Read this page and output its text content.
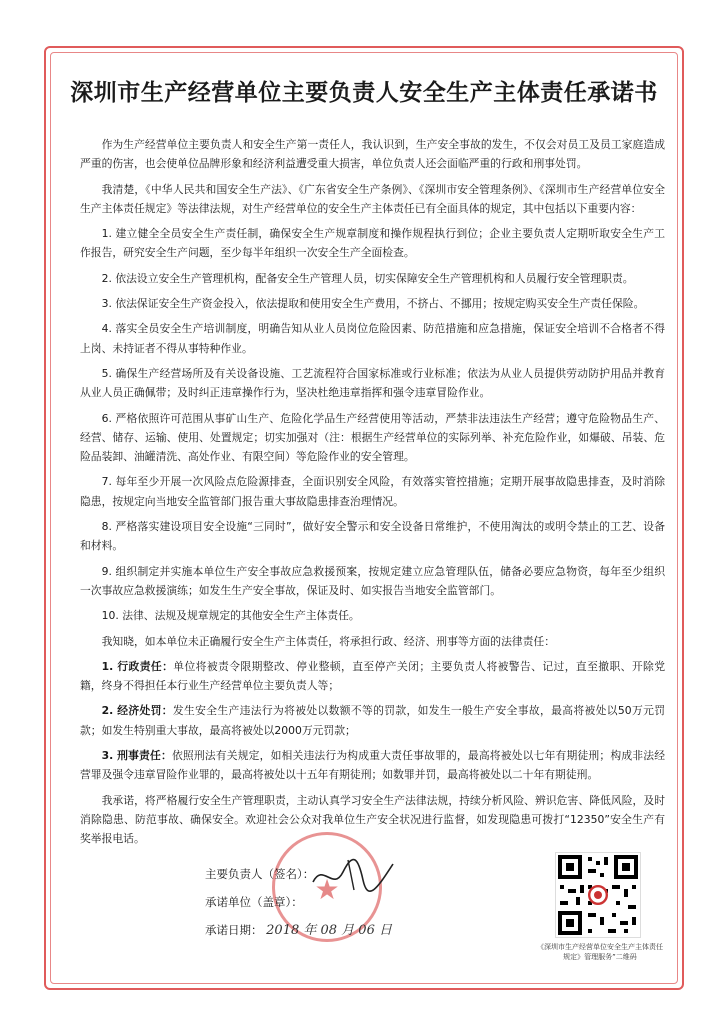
深圳市生产经营单位主要负责人安全生产主体责任承诺书

作为生产经营单位主要负责人和安全生产第一责任人，我认识到，生产安全事故的发生，不仅会对员工及员工家庭造成严重的伤害，也会使单位品牌形象和经济利益遭受重大损害，单位负责人还会面临严重的行政和刑事处罚。

我清楚，《中华人民共和国安全生产法》、《广东省安全生产条例》、《深圳市安全管理条例》、《深圳市生产经营单位安全生产主体责任规定》等法律法规，对生产经营单位的安全生产主体责任已有全面具体的规定，其中包括以下重要内容：

1. 建立健全全员安全生产责任制，确保安全生产规章制度和操作规程执行到位；企业主要负责人定期听取安全生产工作报告，研究安全生产问题，至少每半年组织一次安全生产全面检查。

2. 依法设立安全生产管理机构，配备安全生产管理人员，切实保障安全生产管理机构和人员履行安全管理职责。

3. 依法保证安全生产资金投入，依法提取和使用安全生产费用，不挤占、不挪用；按规定购买安全生产责任保险。

4. 落实全员安全生产培训制度，明确告知从业人员岗位危险因素、防范措施和应急措施，保证安全培训不合格者不得上岗、未持证者不得从事特种作业。

5. 确保生产经营场所及有关设备设施、工艺流程符合国家标准或行业标准；依法为从业人员提供劳动防护用品并教育从业人员正确佩带；及时纠正违章操作行为，坚决杜绝违章指挥和强令违章冒险作业。

6. 严格依照许可范围从事矿山生产、危险化学品生产经营使用等活动，严禁非法违法生产经营；遵守危险物品生产、经营、储存、运输、使用、处置规定；切实加强对（注：根据生产经营单位的实际列举、补充危险作业，如爆破、吊装、危险品装卸、油罐清洗、高处作业、有限空间）等危险作业的安全管理。

7. 每年至少开展一次风险点危险源排查，全面识别安全风险，有效落实管控措施；定期开展事故隐患排查，及时消除隐患，按规定向当地安全监管部门报告重大事故隐患排查治理情况。

8. 严格落实建设项目安全设施“三同时”，做好安全警示和安全设备日常维护，不使用淘汰的或明令禁止的工艺、设备和材料。

9. 组织制定并实施本单位生产安全事故应急救援预案，按规定建立应急管理队伍，储备必要应急物资，每年至少组织一次事故应急救援演练；如发生生产安全事故，保证及时、如实报告当地安全监管部门。

10. 法律、法规及规章规定的其他安全生产主体责任。

我知晓，如本单位未正确履行安全生产主体责任，将承担行政、经济、刑事等方面的法律责任：

1. 行政责任：单位将被责令限期整改、停业整顿，直至停产关闭；主要负责人将被警告、记过，直至撤职、开除党籍，终身不得担任本行业生产经营单位主要负责人等；

2. 经济处罚：发生安全生产违法行为将被处以数额不等的罚款，如发生一般生产安全事故，最高将被处以50万元罚款；如发生特别重大事故，最高将被处以2000万元罚款；

3. 刑事责任：依照刑法有关规定，如相关违法行为构成重大责任事故罪的，最高将被处以七年有期徒刑；构成非法经营罪及强令违章冒险作业罪的，最高将被处以十五年有期徒刑；如数罪并罚，最高将被处以二十年有期徒刑。

我承诺，将严格履行安全生产管理职责，主动认真学习安全生产法律法规，持续分析风险、辨识危害、降低风险，及时消除隐患、防范事故、确保安全。欢迎社会公众对我单位生产安全状况进行监督，如发现隐患可拨打“12350”安全生产有奖举报电话。

★
主要负责人（签名）：
承诺单位（盖章）：
承诺日期： 2018 年 08 月 06 日
《深圳市生产经营单位安全生产主体责任规定》管理服务”二维码
